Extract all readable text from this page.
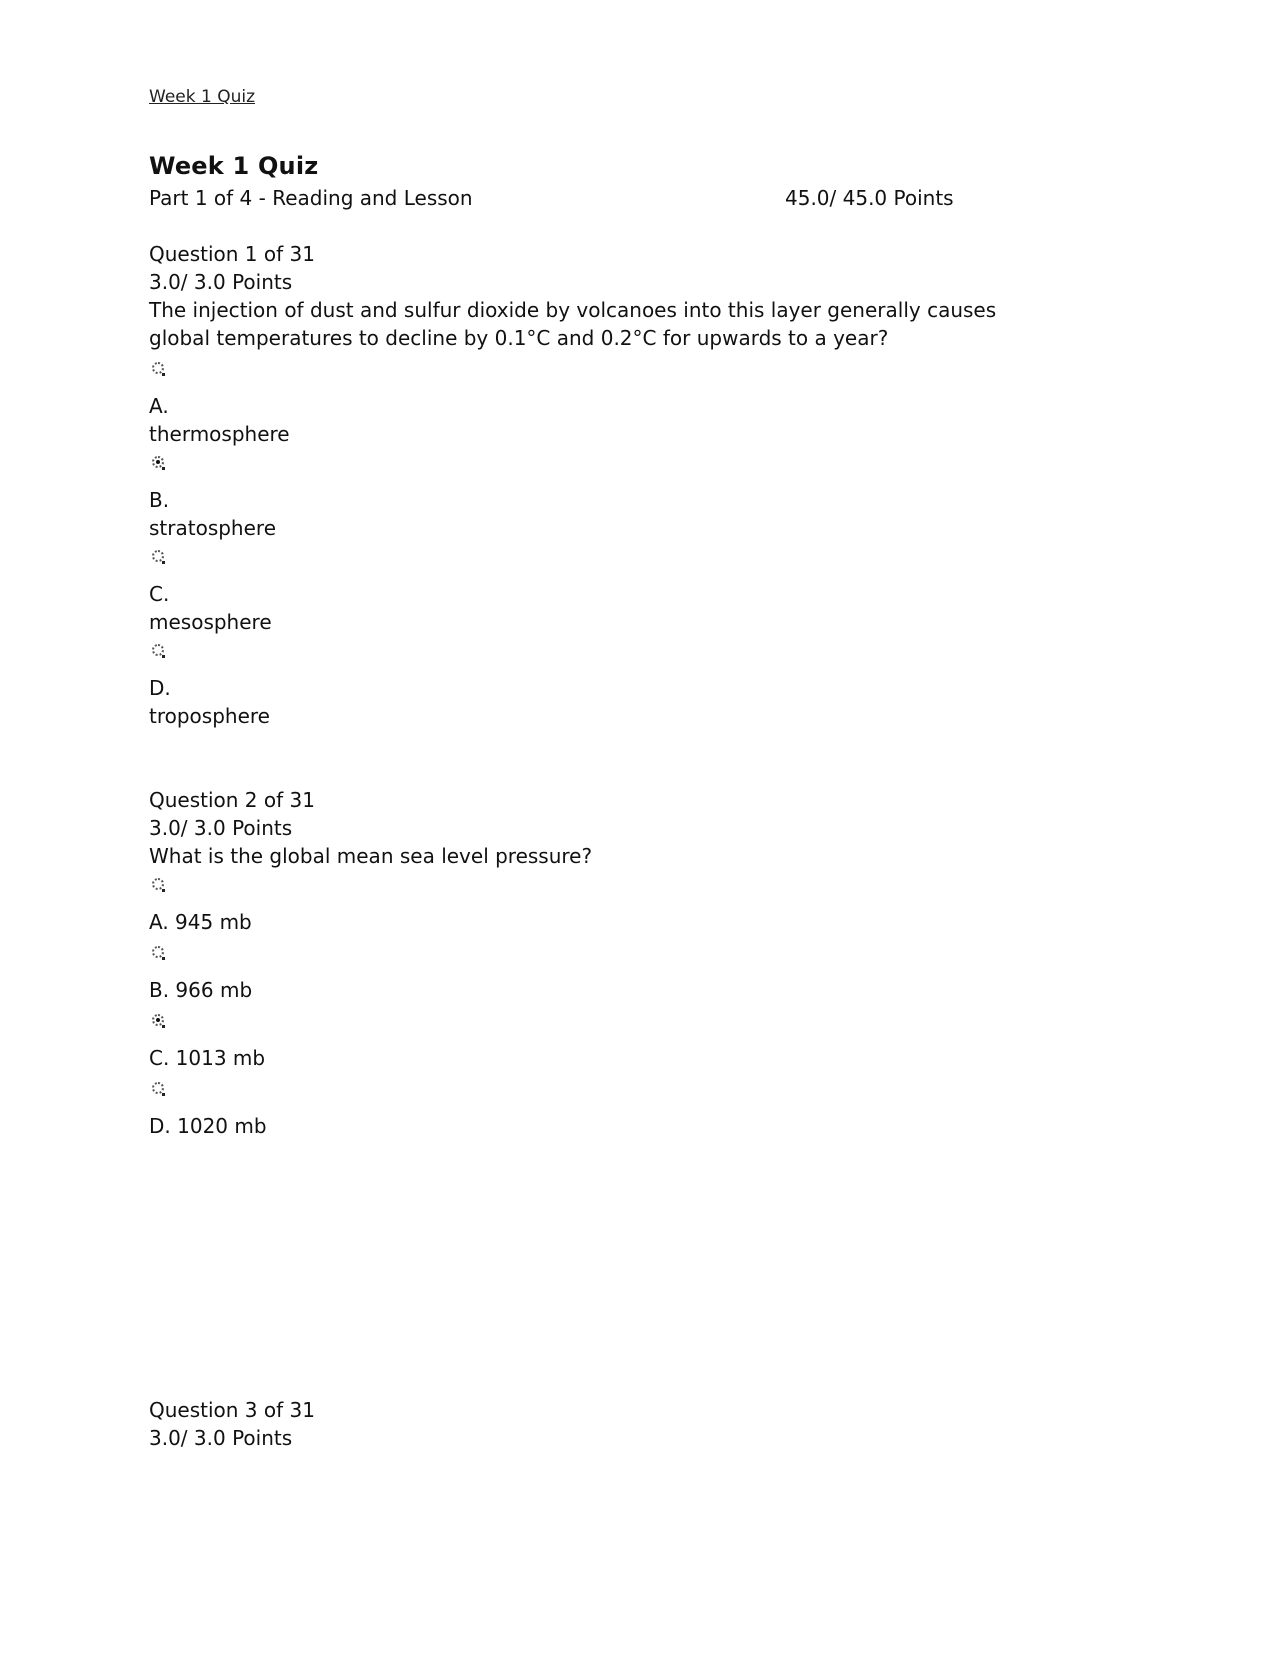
Week 1 Quiz
Week 1 Quiz
Part 1 of 4 - Reading and Lesson	45.0/ 45.0 Points
Question 1 of 31
3.0/ 3.0 Points
The injection of dust and sulfur dioxide by volcanoes into this layer generally causes global temperatures to decline by 0.1°C and 0.2°C for upwards to a year?
A.
thermosphere
B.
stratosphere
C.
mesosphere
D.
troposphere
Question 2 of 31
3.0/ 3.0 Points
What is the global mean sea level pressure?
A. 945 mb
B. 966 mb
C. 1013 mb
D. 1020 mb
Question 3 of 31
3.0/ 3.0 Points
